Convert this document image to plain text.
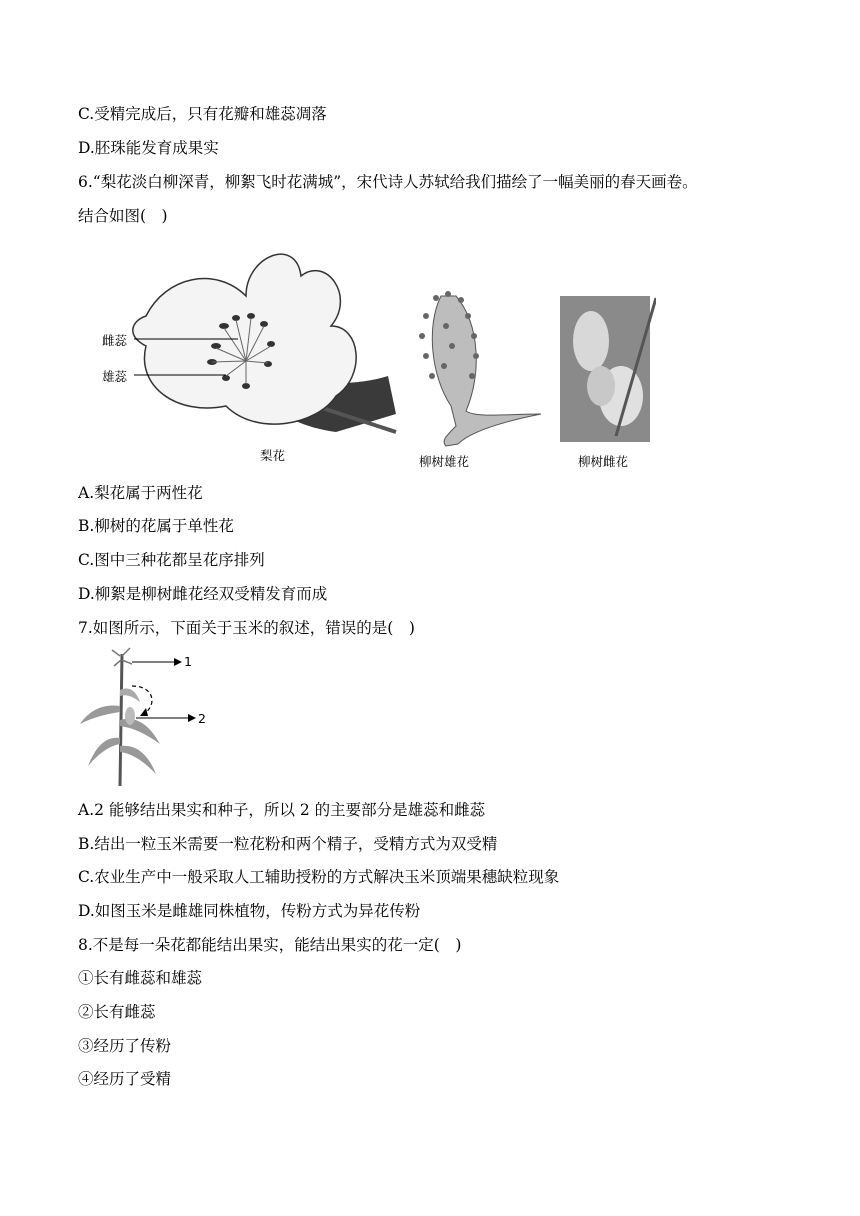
C.受精完成后，只有花瓣和雄蕊凋落
D.胚珠能发育成果实
6.“梨花淡白柳深青，柳絮飞时花满城”，宋代诗人苏轼给我们描绘了一幅美丽的春天画卷。
结合如图(　)
雌蕊
雄蕊
梨花	柳树雄花	柳树雌花
A.梨花属于两性花
B.柳树的花属于单性花
C.图中三种花都呈花序排列
D.柳絮是柳树雌花经双受精发育而成
7.如图所示，下面关于玉米的叙述，错误的是(　)
1
2
A.2 能够结出果实和种子，所以 2 的主要部分是雄蕊和雌蕊
B.结出一粒玉米需要一粒花粉和两个精子，受精方式为双受精
C.农业生产中一般采取人工辅助授粉的方式解决玉米顶端果穗缺粒现象
D.如图玉米是雌雄同株植物，传粉方式为异花传粉
8.不是每一朵花都能结出果实，能结出果实的花一定(　)
①长有雌蕊和雄蕊
②长有雌蕊
③经历了传粉
④经历了受精
